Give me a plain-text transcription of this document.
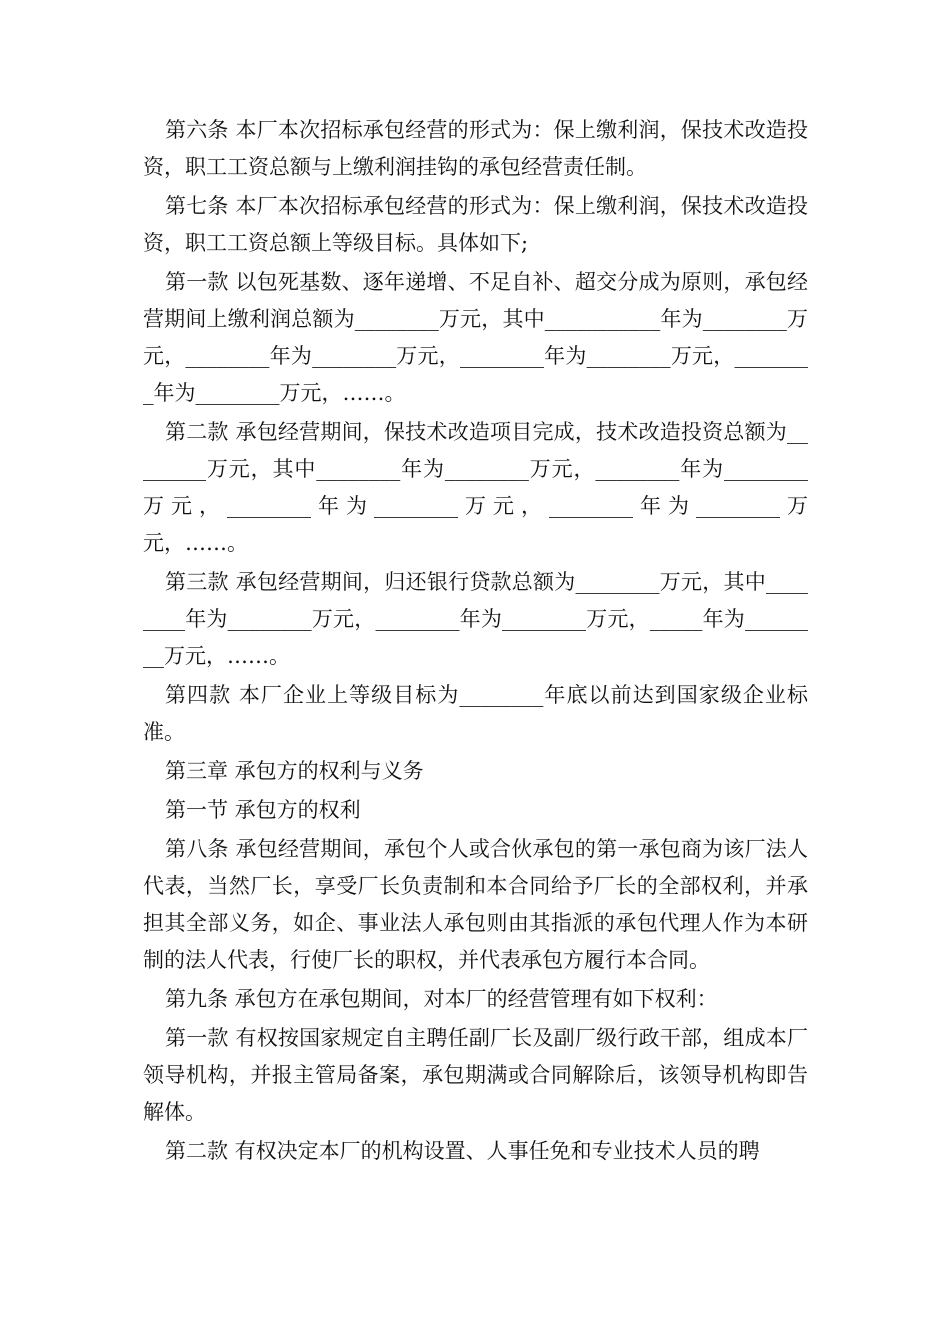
第六条 本厂本次招标承包经营的形式为：保上缴利润，保技术改造投资，职工工资总额与上缴利润挂钩的承包经营责任制。

第七条 本厂本次招标承包经营的形式为：保上缴利润，保技术改造投资，职工工资总额上等级目标。具体如下;

第一款 以包死基数、逐年递增、不足自补、超交分成为原则，承包经营期间上缴利润总额为________万元，其中___________年为________万元，________年为________万元，________年为________万元，________年为________万元，……。

第二款 承包经营期间，保技术改造项目完成，技术改造投资总额为________万元，其中________年为________万元，________年为________万元，________年为________万元，________年为________万元，……。

第三款 承包经营期间，归还银行贷款总额为________万元，其中________年为________万元，________年为________万元，_____年为________万元，……。

第四款 本厂企业上等级目标为________年底以前达到国家级企业标准。

第三章 承包方的权利与义务

第一节 承包方的权利

第八条 承包经营期间，承包个人或合伙承包的第一承包商为该厂法人代表，当然厂长，享受厂长负责制和本合同给予厂长的全部权利，并承担其全部义务，如企、事业法人承包则由其指派的承包代理人作为本研制的法人代表，行使厂长的职权，并代表承包方履行本合同。

第九条 承包方在承包期间，对本厂的经营管理有如下权利：

第一款 有权按国家规定自主聘任副厂长及副厂级行政干部，组成本厂领导机构，并报主管局备案，承包期满或合同解除后，该领导机构即告解体。

第二款 有权决定本厂的机构设置、人事任免和专业技术人员的聘
